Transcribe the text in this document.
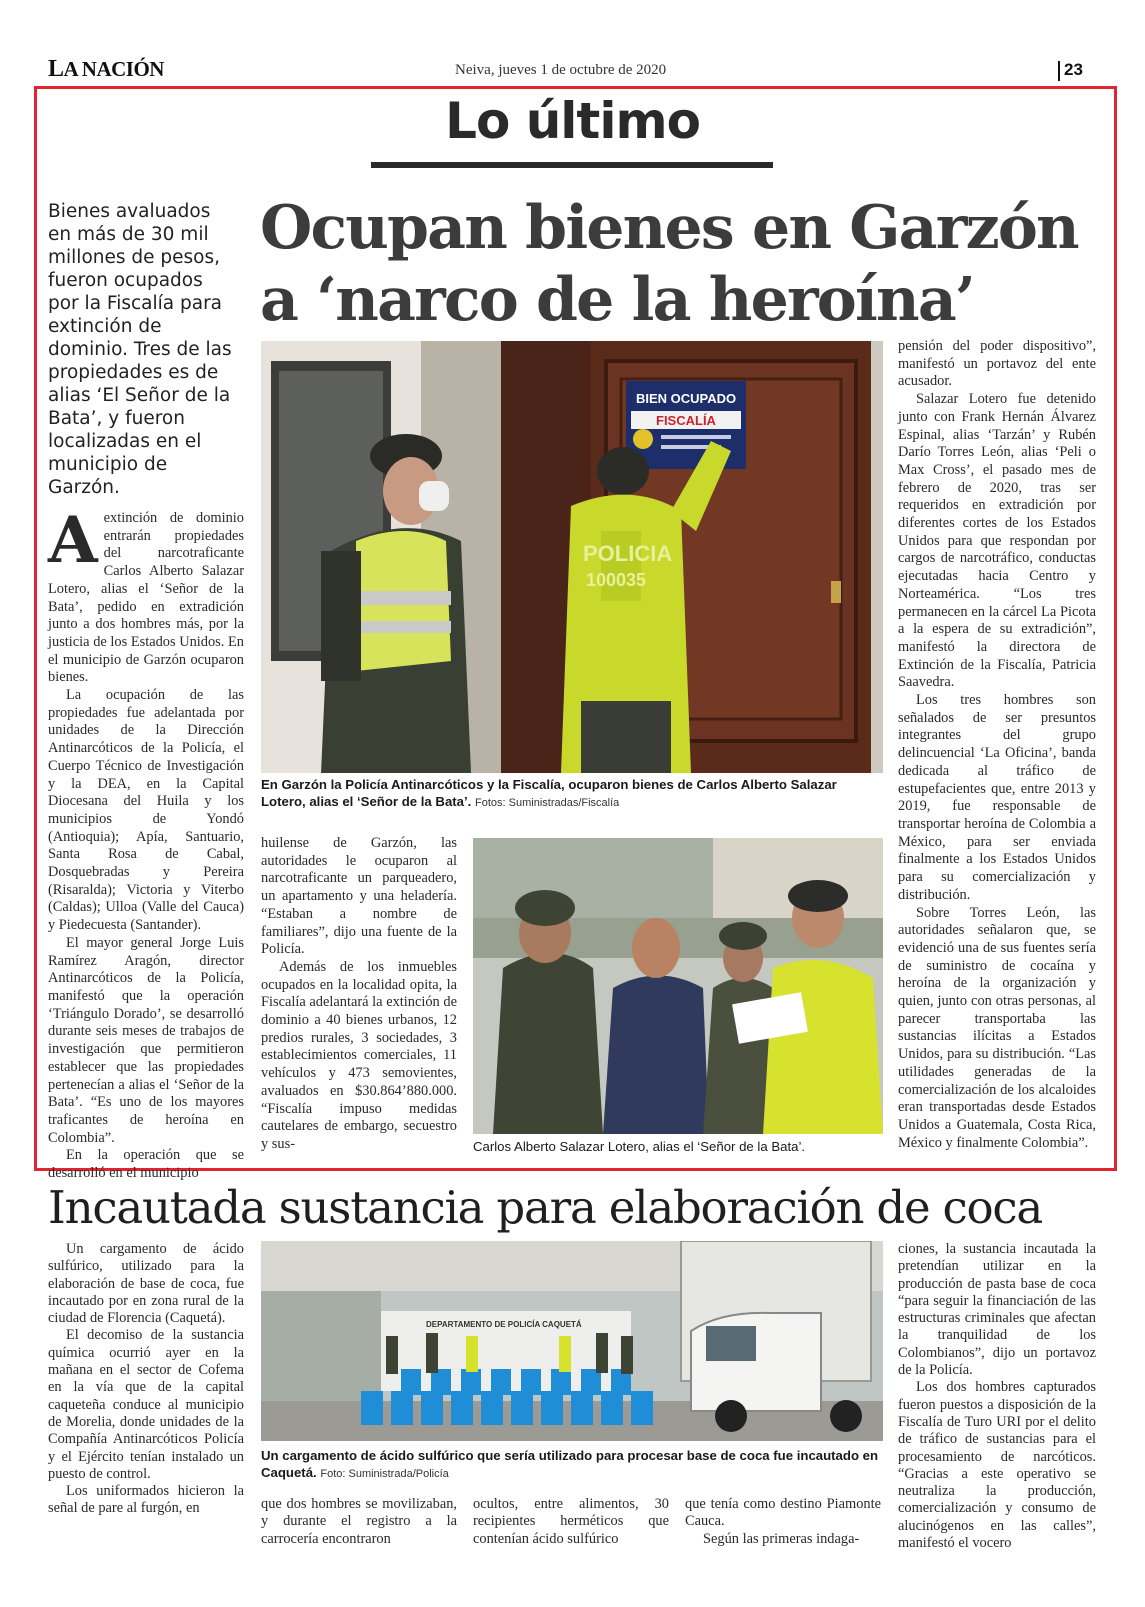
LA NACIÓN	Neiva, jueves 1 de octubre de 2020	23
Lo último
Bienes avaluados en más de 30 mil millones de pesos, fueron ocupados por la Fiscalía para extinción de dominio. Tres de las propiedades es de alias ‘El Señor de la Bata’, y fueron localizadas en el municipio de Garzón.
Ocupan bienes en Garzón
a ‘narco de la heroína’

Aextinción de dominio entrarán propiedades del narcotraficante Carlos Alberto Salazar Lotero, alias el ‘Señor de la Bata’, pedido en extradición junto a dos hombres más, por la justicia de los Estados Unidos. En el municipio de Garzón ocuparon bienes.

La ocupación de las propiedades fue adelantada por unidades de la Dirección Antinarcóticos de la Policía, el Cuerpo Técnico de Investigación y la DEA, en la Capital Diocesana del Huila y los municipios de Yondó (Antioquia); Apía, Santuario, Santa Rosa de Cabal, Dosquebradas y Pereira (Risaralda); Victoria y Viterbo (Caldas); Ulloa (Valle del Cauca) y Piedecuesta (Santander).

El mayor general Jorge Luis Ramírez Aragón, director Antinarcóticos de la Policía, manifestó que la operación ‘Triángulo Dorado’, se desarrolló durante seis meses de trabajos de investigación que permitieron establecer que las propiedades pertenecían a alias el ‘Señor de la Bata’. “Es uno de los mayores traficantes de heroína en Colombia”.

En la operación que se desarrolló en el municipio

BIEN OCUPADO
FISCALÍA
POLICIA
100035
En Garzón la Policía Antinarcóticos y la Fiscalía, ocuparon bienes de Carlos Alberto Salazar Lotero, alias el ‘Señor de la Bata’. Fotos: Suministradas/Fiscalía

huilense de Garzón, las autoridades le ocuparon al narcotraficante un parqueadero, un apartamento y una heladería. “Estaban a nombre de familiares”, dijo una fuente de la Policía.

Además de los inmuebles ocupados en la localidad opita, la Fiscalía adelantará la extinción de dominio a 40 bienes urbanos, 12 predios rurales, 3 sociedades, 3 establecimientos comerciales, 11 vehículos y 473 semovientes, avaluados en $30.864’880.000. “Fiscalía impuso medidas cautelares de embargo, secuestro y sus-	Carlos Alberto Salazar Lotero, alias el ‘Señor de la Bata’.

pensión del poder dispositivo”, manifestó un portavoz del ente acusador.

Salazar Lotero fue detenido junto con Frank Hernán Álvarez Espinal, alias ‘Tarzán’ y Rubén Darío Torres León, alias ‘Peli o Max Cross’, el pasado mes de febrero de 2020, tras ser requeridos en extradición por diferentes cortes de los Estados Unidos para que respondan por cargos de narcotráfico, conductas ejecutadas hacia Centro y Norteamérica. “Los tres permanecen en la cárcel La Picota a la espera de su extradición”, manifestó la directora de Extinción de la Fiscalía, Patricia Saavedra.

Los tres hombres son señalados de ser presuntos integrantes del grupo delincuencial ‘La Oficina’, banda dedicada al tráfico de estupefacientes que, entre 2013 y 2019, fue responsable de transportar heroína de Colombia a México, para ser enviada finalmente a los Estados Unidos para su comercialización y distribución.

Sobre Torres León, las autoridades señalaron que, se evidenció una de sus fuentes sería de suministro de cocaína y heroína de la organización y quien, junto con otras personas, al parecer transportaba las sustancias ilícitas a Estados Unidos, para su distribución. “Las utilidades generadas de la comercialización de los alcaloides eran transportadas desde Estados Unidos a Guatemala, Costa Rica, México y finalmente Colombia”.

Incautada sustancia para elaboración de coca

Un cargamento de ácido sulfúrico, utilizado para la elaboración de base de coca, fue incautado por en zona rural de la ciudad de Florencia (Caquetá).

El decomiso de la sustancia química ocurrió ayer en la mañana en el sector de Cofema en la vía que de la capital caqueteña conduce al municipio de Morelia, donde unidades de la Compañía Antinarcóticos Policía y el Ejército tenían instalado un puesto de control.

Los uniformados hicieron la señal de pare al furgón, en

DEPARTAMENTO DE POLICÍA CAQUETÁ
Un cargamento de ácido sulfúrico que sería utilizado para procesar base de coca fue incautado en Caquetá. Foto: Suministrada/Policía

que dos hombres se movilizaban, y durante el registro a la carrocería encontraron

ocultos, entre alimentos, 30 recipientes herméticos que contenían ácido sulfúrico

que tenía como destino Piamonte Cauca.

Según las primeras indaga-

ciones, la sustancia incautada la pretendían utilizar en la producción de pasta base de coca “para seguir la financiación de las estructuras criminales que afectan la tranquilidad de los Colombianos”, dijo un portavoz de la Policía.

Los dos hombres capturados fueron puestos a disposición de la Fiscalía de Turo URI por el delito de tráfico de sustancias para el procesamiento de narcóticos. “Gracias a este operativo se neutraliza la producción, comercialización y consumo de alucinógenos en las calles”, manifestó el vocero
